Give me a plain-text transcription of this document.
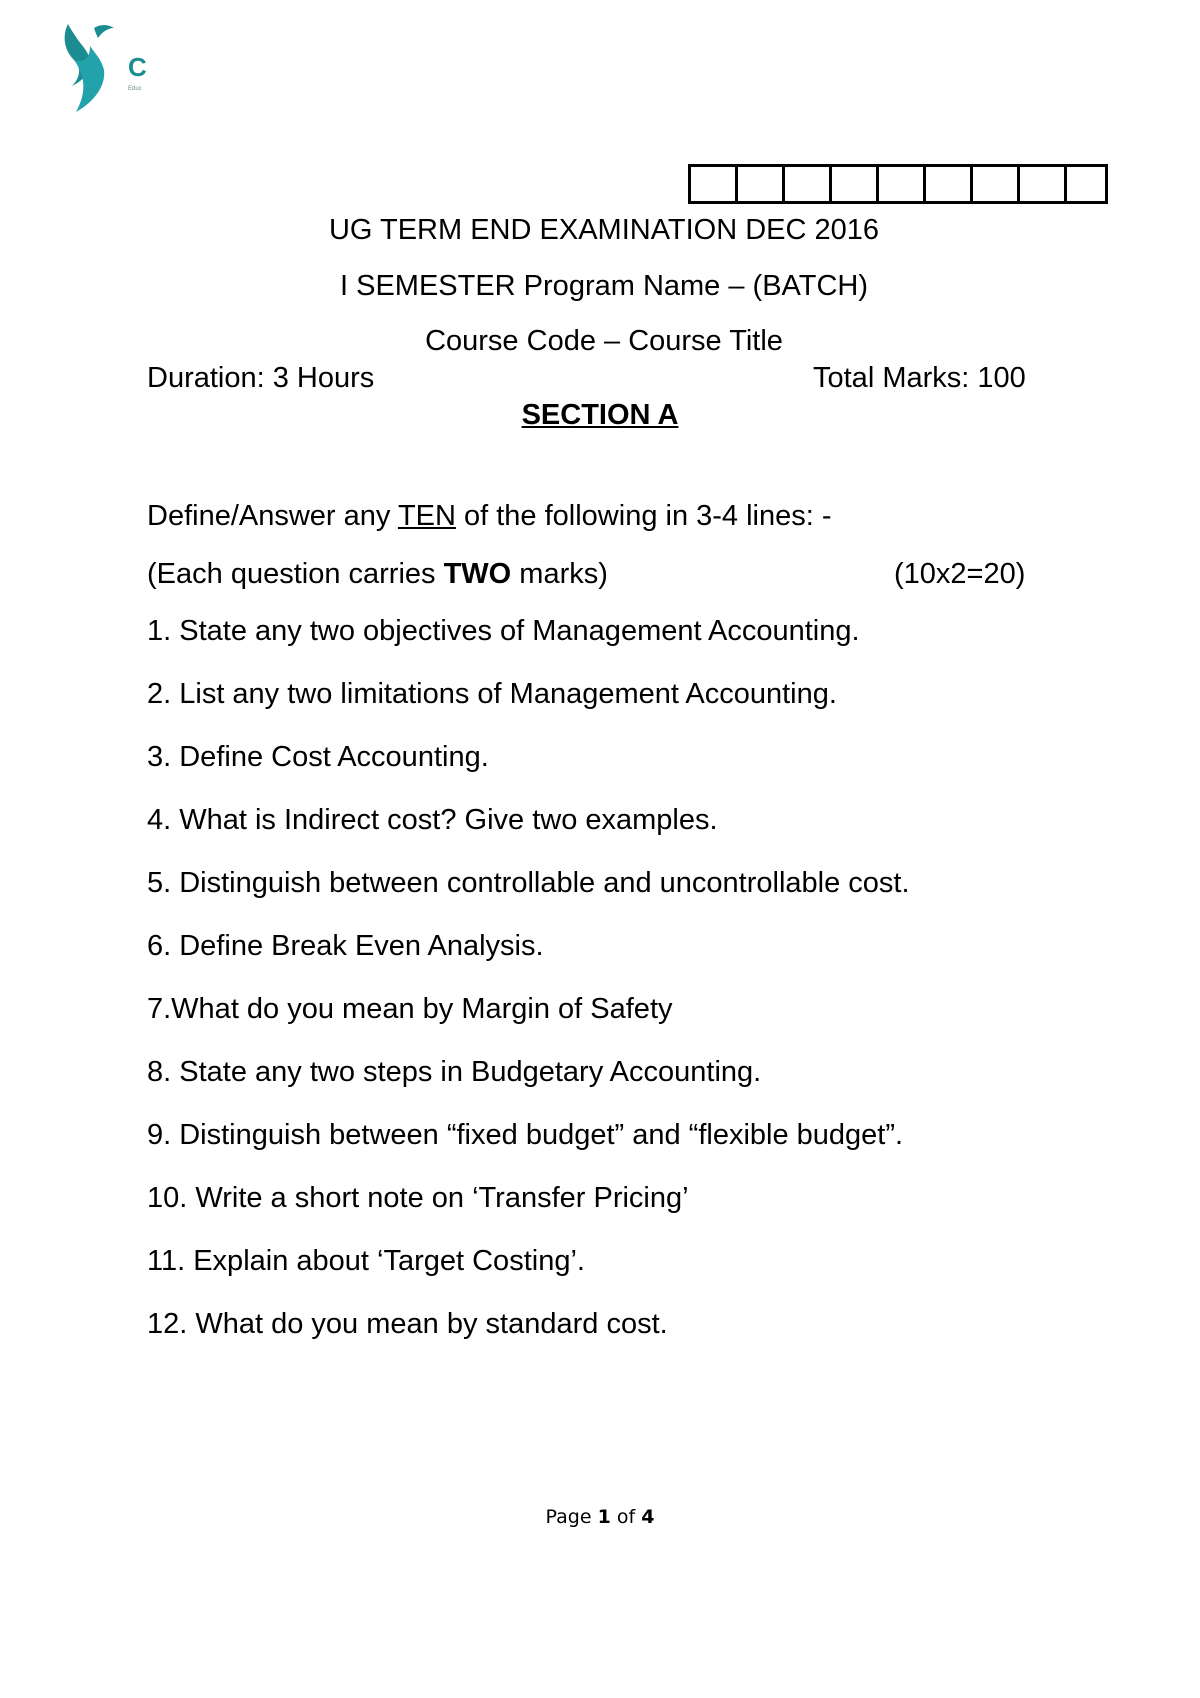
C
Educ
UG TERM END EXAMINATION DEC 2016
I SEMESTER Program Name – (BATCH)
Course Code – Course Title
Duration: 3 Hours	Total Marks: 100
SECTION A
Define/Answer any TEN of the following in 3-4 lines: -
(Each question carries TWO marks)	(10x2=20)
1. State any two objectives of Management Accounting.
2. List any two limitations of Management Accounting.
3. Define Cost Accounting.
4. What is Indirect cost? Give two examples.
5. Distinguish between controllable and uncontrollable cost.
6. Define Break Even Analysis.
7.What do you mean by Margin of Safety
8. State any two steps in Budgetary Accounting.
9. Distinguish between “fixed budget” and “flexible budget”.
10. Write a short note on ‘Transfer Pricing’
11. Explain about ‘Target Costing’.
12. What do you mean by standard cost.
Page 1 of 4
